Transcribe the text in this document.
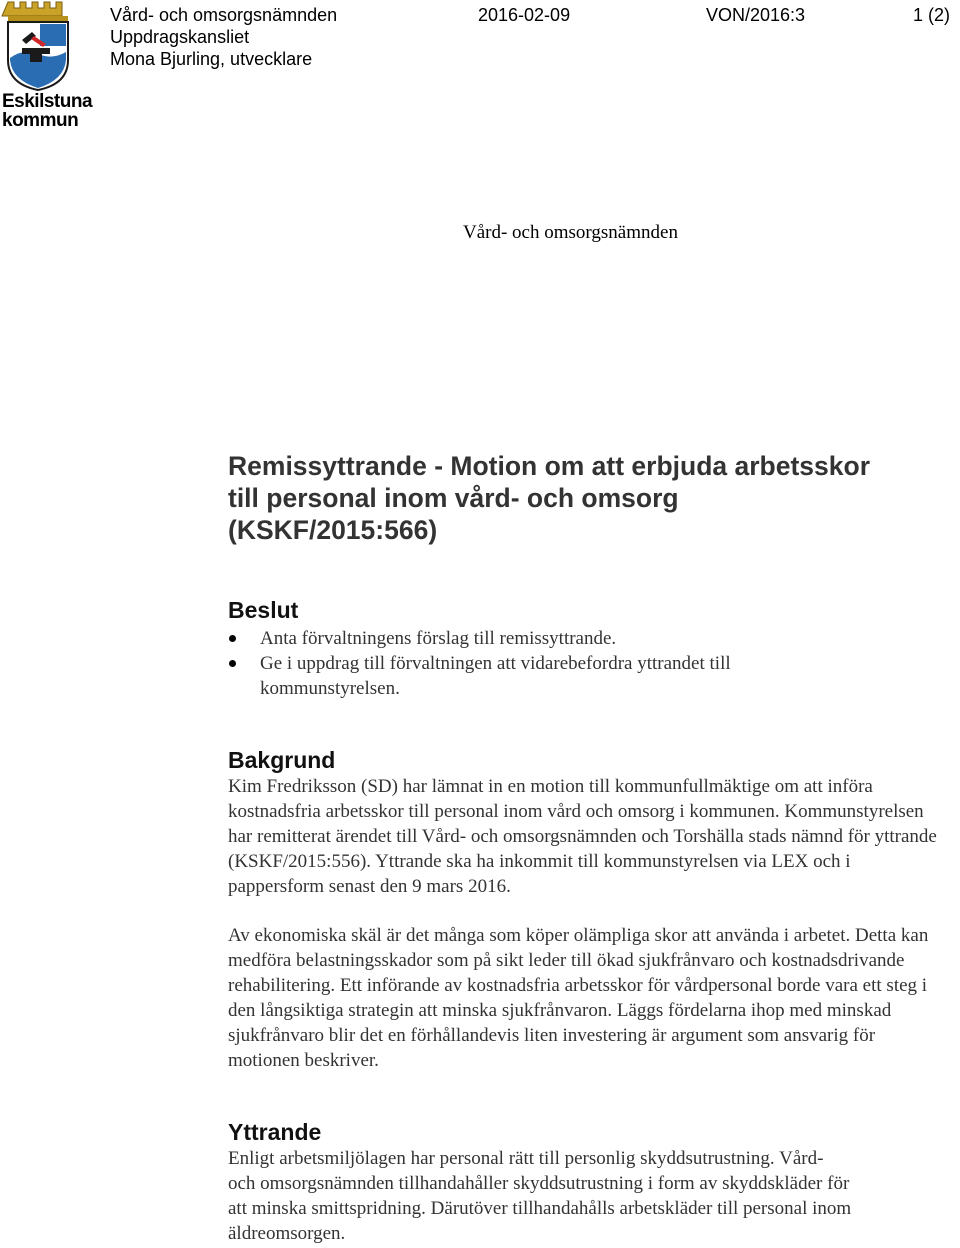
Eskilstuna
kommun
Vård- och omsorgsnämnden
Uppdragskansliet
Mona Bjurling, utvecklare
2016-02-09	VON/2016:3	1 (2)
Vård- och omsorgsnämnden
Remissyttrande - Motion om att erbjuda arbetsskor
till personal inom vård- och omsorg
(KSKF/2015:566)
Beslut
Anta förvaltningens förslag till remissyttrande.
Ge i uppdrag till förvaltningen att vidarebefordra yttrandet till kommunstyrelsen.
Bakgrund

Kim Fredriksson (SD) har lämnat in en motion till kommunfullmäktige om att införa kostnadsfria arbetsskor till personal inom vård och omsorg i kommunen. Kommunstyrelsen har remitterat ärendet till Vård- och omsorgsnämnden och Torshälla stads nämnd för yttrande (KSKF/2015:556). Yttrande ska ha inkommit till kommunstyrelsen via LEX och i pappersform senast den 9 mars 2016.

Av ekonomiska skäl är det många som köper olämpliga skor att använda i arbetet. Detta kan medföra belastningsskador som på sikt leder till ökad sjukfrånvaro och kostnadsdrivande rehabilitering. Ett införande av kostnadsfria arbetsskor för vårdpersonal borde vara ett steg i den långsiktiga strategin att minska sjukfrånvaron. Läggs fördelarna ihop med minskad sjukfrånvaro blir det en förhållandevis liten investering är argument som ansvarig för motionen beskriver.

Yttrande

Enligt arbetsmiljölagen har personal rätt till personlig skyddsutrustning. Vård- och omsorgsnämnden tillhandahåller skyddsutrustning i form av skyddskläder för att minska smittspridning. Därutöver tillhandahålls arbetskläder till personal inom äldreomsorgen.
